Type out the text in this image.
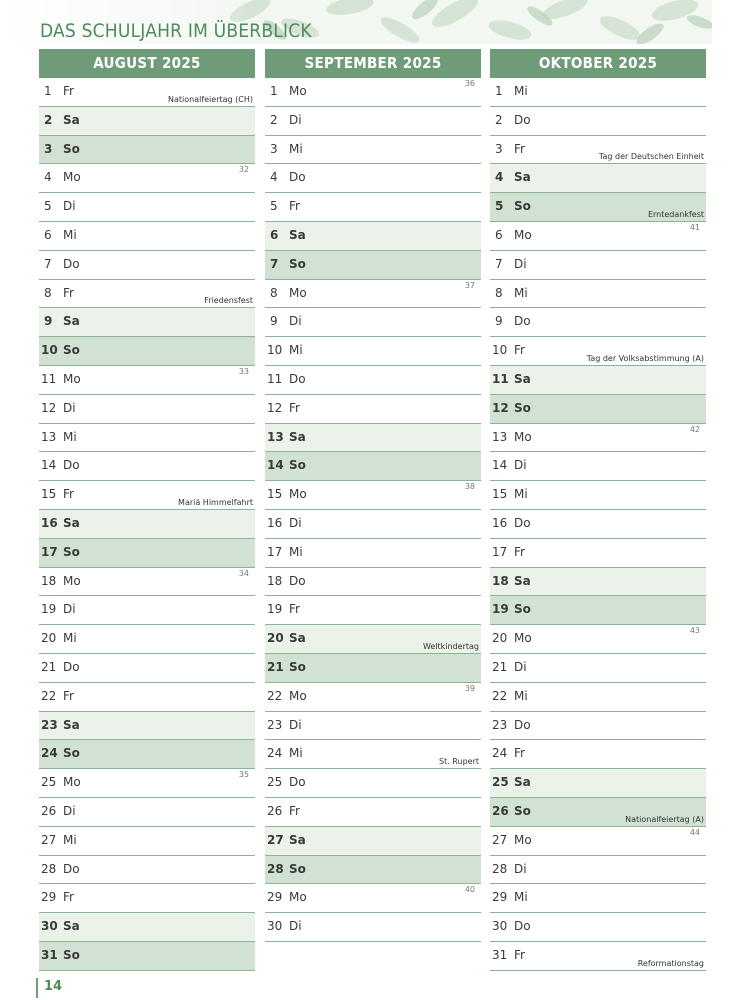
DAS SCHULJAHR IM ÜBERBLICK
AUGUST 2025
1 Fr
Nationalfeiertag (CH)
2 Sa
3 So
4 Mo
32
5 Di
6 Mi
7 Do
8 Fr
Friedensfest
9 Sa
10 So
11 Mo
33
12 Di
13 Mi
14 Do
15 Fr
Mariä Himmelfahrt
16 Sa
17 So
18 Mo
34
19 Di
20 Mi
21 Do
22 Fr
23 Sa
24 So
25 Mo
35
26 Di
27 Mi
28 Do
29 Fr
30 Sa
31 So
SEPTEMBER 2025
1 Mo
36
2 Di
3 Mi
4 Do
5 Fr
6 Sa
7 So
8 Mo
37
9 Di
10 Mi
11 Do
12 Fr
13 Sa
14 So
15 Mo
38
16 Di
17 Mi
18 Do
19 Fr
20 Sa
Weltkindertag
21 So
22 Mo
39
23 Di
24 Mi
St. Rupert
25 Do
26 Fr
27 Sa
28 So
29 Mo
40
30 Di
OKTOBER 2025
1 Mi
2 Do
3 Fr
Tag der Deutschen Einheit
4 Sa
5 So
Erntedankfest
6 Mo
41
7 Di
8 Mi
9 Do
10 Fr
Tag der Volksabstimmung (A)
11 Sa
12 So
13 Mo
42
14 Di
15 Mi
16 Do
17 Fr
18 Sa
19 So
20 Mo
43
21 Di
22 Mi
23 Do
24 Fr
25 Sa
26 So
Nationalfeiertag (A)
27 Mo
44
28 Di
29 Mi
30 Do
31 Fr
Reformationstag
14
